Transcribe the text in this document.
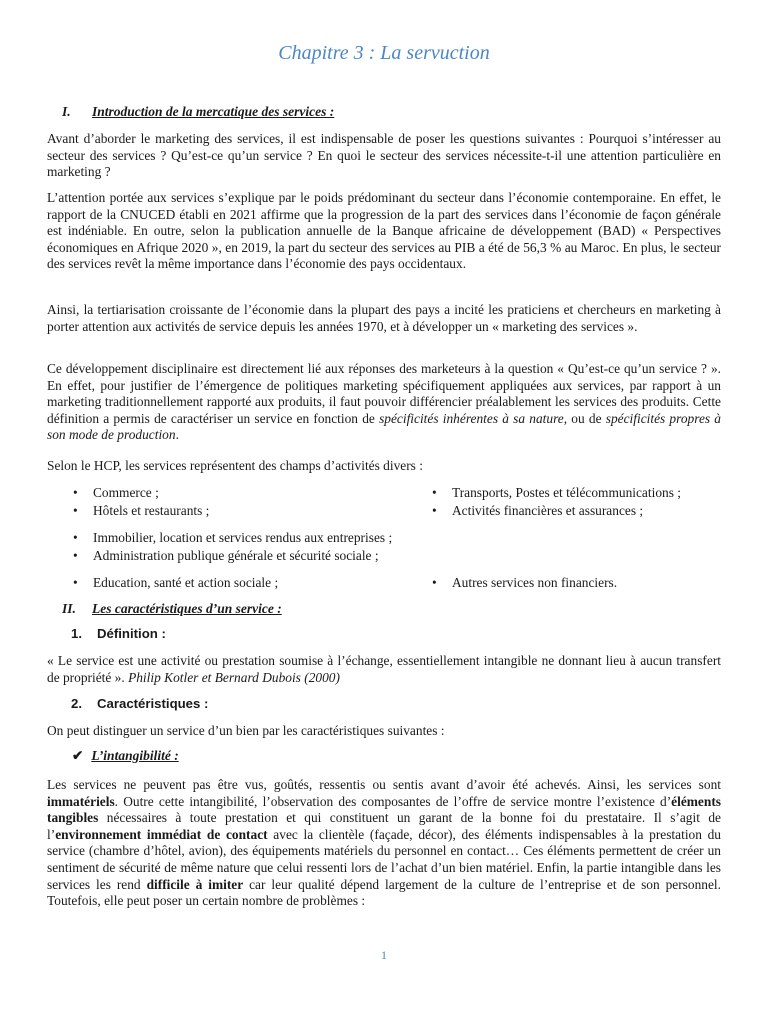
Chapitre 3 : La servuction
I. Introduction de la mercatique des services :
Avant d’aborder le marketing des services, il est indispensable de poser les questions suivantes : Pourquoi s’intéresser au secteur des services ? Qu’est-ce qu’un service ? En quoi le secteur des services nécessite-t-il une attention particulière en marketing ?
L’attention portée aux services s’explique par le poids prédominant du secteur dans l’économie contemporaine. En effet, le rapport de la CNUCED établi en 2021 affirme que la progression de la part des services dans l’économie de façon générale est indéniable. En outre, selon la publication annuelle de la Banque africaine de développement (BAD) « Perspectives économiques en Afrique 2020 », en 2019, la part du secteur des services au PIB a été de 56,3 % au Maroc. En plus, le secteur des services revêt la même importance dans l’économie des pays occidentaux.
Ainsi, la tertiarisation croissante de l’économie dans la plupart des pays a incité les praticiens et chercheurs en marketing à porter attention aux activités de service depuis les années 1970, et à développer un « marketing des services ».
Ce développement disciplinaire est directement lié aux réponses des marketeurs à la question « Qu’est-ce qu’un service ? ». En effet, pour justifier de l’émergence de politiques marketing spécifiquement appliquées aux services, par rapport à un marketing traditionnellement rapporté aux produits, il faut pouvoir différencier préalablement les services des produits. Cette définition a permis de caractériser un service en fonction de spécificités inhérentes à sa nature, ou de spécificités propres à son mode de production.
Selon le HCP, les services représentent des champs d’activités divers :
• Commerce ;
• Hôtels et restaurants ;
• Transports, Postes et télécommunications ;
• Activités financières et assurances ;
• Immobilier, location et services rendus aux entreprises ;
• Administration publique générale et sécurité sociale ;
• Education, santé et action sociale ;	• Autres services non financiers.
II. Les caractéristiques d’un service :
1. Définition :
« Le service est une activité ou prestation soumise à l’échange, essentiellement intangible ne donnant lieu à aucun transfert de propriété ». Philip Kotler et Bernard Dubois (2000)
2. Caractéristiques :
On peut distinguer un service d’un bien par les caractéristiques suivantes :
✔ L’intangibilité :
Les services ne peuvent pas être vus, goûtés, ressentis ou sentis avant d’avoir été achevés. Ainsi, les services sont immatériels. Outre cette intangibilité, l’observation des composantes de l’offre de service montre l’existence d’éléments tangibles nécessaires à toute prestation et qui constituent un garant de la bonne foi du prestataire. Il s’agit de l’environnement immédiat de contact avec la clientèle (façade, décor), des éléments indispensables à la prestation du service (chambre d’hôtel, avion), des équipements matériels du personnel en contact… Ces éléments permettent de créer un sentiment de sécurité de même nature que celui ressenti lors de l’achat d’un bien matériel. Enfin, la partie intangible dans les services les rend difficile à imiter car leur qualité dépend largement de la culture de l’entreprise et de son personnel. Toutefois, elle peut poser un certain nombre de problèmes :
1
